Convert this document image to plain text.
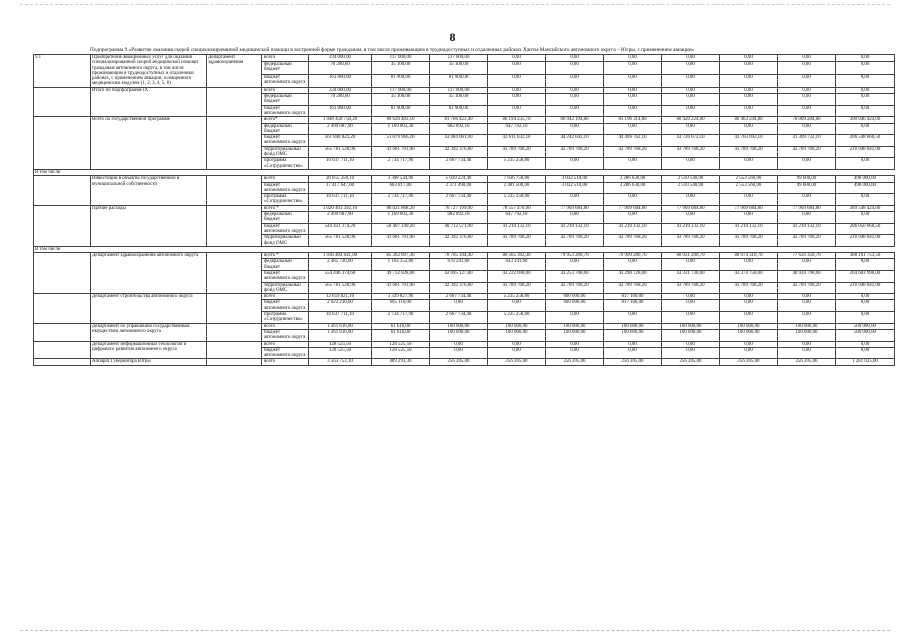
8
Подпрограмма 9 «Развитие оказания скорой специализированной медицинской помощи в экстренной форме гражданам, в том числе проживающим в труднодоступных и отдаленных районах Ханты-Мансийского автономного округа – Югры, с применением авиации»
9.1	Приобретение авиационных услуг для оказания специализированной скорой медицинской помощи гражданам автономного округа, в том числе проживающим в труднодоступных и отдаленных районах, с применением авиации, оснащенного медицинским модулем (1, 2, 3, 4, 5, 6)	Департамент здравоохранения	всего	234 000,00	117 000,00	117 000,00	0,00	0,00	0,00	0,00	0,00	0,00	0,00
			федеральный бюджет	70 200,00	35 100,00	35 100,00	0,00	0,00	0,00	0,00	0,00	0,00	0,00
			бюджет автономного округа	163 800,00	81 900,00	81 900,00	0,00	0,00	0,00	0,00	0,00	0,00	0,00
	Итого по подпрограмме IX		всего	234 000,00	117 000,00	117 000,00	0,00	0,00	0,00	0,00	0,00	0,00	0,00
			федеральный бюджет	70 200,00	35 100,00	35 100,00	0,00	0,00	0,00	0,00	0,00	0,00	0,00
			бюджет автономного округа	163 800,00	81 900,00	81 900,00	0,00	0,00	0,00	0,00	0,00	0,00	0,00
	Всего по государственной программе		всего*	1 048 458 750,20	89 620 403,10	81 766 423,40	86 194 235,70	80 942 194,80	81 196 314,80	80 420 224,80	80 463 244,80	78 009 284,80	390 046 424,00
			федеральный бюджет	2 499 687,90	1 169 003,30	682 892,10	647 792,10	0,00	0,00	0,00	0,00	0,00	0,00
			бюджет автономного округа	561 848 821,20	51 079 966,20	43 084 061,90	43 611 632,10	44 242 642,10	44 496 762,10	43 720 672,10	43 763 692,10	41 309 732,10	206 548 660,50
			территориальный фонд ОМС	565 761 528,90	41 681 701,90	42 392 376,80	43 789 768,20	43 789 768,20	43 789 768,20	43 789 768,20	43 789 768,20	43 789 768,20	218 948 841,00
			программа «Сотрудничество»	10 637 711,10	2 734 717,90	2 667 734,40	5 235 258,80	0,00	0,00	0,00	0,00	0,00	0,00
В том числе:													
	Инвестиции в объекты государственной и муниципальной собственности		всего	28 055 358,10	3 398 534,90	5 039 224,40	7 636 758,80	3 032 510,00	3 286 630,00	2 510 540,00	2 553 560,00	99 600,00	498 000,00
			бюджет автономного округа	17 417 647,00	663 817,00	2 371 490,00	2 401 500,00	3 032 510,00	3 286 630,00	2 510 540,00	2 553 560,00	99 600,00	498 000,00
			программа «Сотрудничество»	10 637 711,10	2 734 717,90	2 667 734,40	5 235 258,80	0,00	0,00	0,00	0,00	0,00	0,00
	Прочие расходы		всего *	1 020 403 392,10	86 021 868,20	76 727 199,00	78 557 476,90	77 909 684,80	77 909 684,80	77 909 684,80	77 909 684,80	77 909 684,80	389 548 424,00
			федеральный бюджет	2 499 687,90	1 169 003,30	682 892,10	647 792,10	0,00	0,00	0,00	0,00	0,00	0,00
			бюджет автономного округа	544 431 174,20	50 407 149,20	40 712 571,90	41 210 132,10	41 210 132,10	41 210 132,10	41 210 132,10	41 210 132,10	41 210 132,10	206 050 660,50
			территориальный фонд ОМС	565 761 528,90	41 681 701,90	42 392 376,80	43 789 768,20	43 789 768,20	43 789 768,20	43 789 768,20	43 789 768,20	43 789 768,20	218 948 841,00
В том числе:													
	Департамент здравоохранения автономного округа		всего *	1 030 404 641,00	85 362 897,30	78 705 104,40	80 565 392,30	79 953 260,70	79 990 280,70	80 031 290,70	80 074 310,70	77 620 350,70	388 101 753,50
			федеральный бюджет	2 485 736,00	1 164 352,80	678 241,60	643 141,60	0,00	0,00	0,00	0,00	0,00	0,00
			бюджет автономного округа	554 446 374,60	49 732 828,80	42 695 127,80	43 222 698,00	43 253 708,00	43 290 728,00	43 331 738,00	43 374 758,00	40 920 798,00	204 603 990,00
			территориальный фонд ОМС	565 761 528,90	41 681 701,90	42 392 376,80	43 789 768,20	43 789 768,20	43 789 768,20	43 789 768,20	43 789 768,20	43 789 768,20	218 948 841,00
	Департамент строительства автономного округа		всего	12 659 821,10	3 339 827,90	2 667 734,40	5 235 258,80	600 000,00	817 100,00	0,00	0,00	0,00	0,00
			бюджет автономного округа	2 022 210,00	605 110,00	0,00	0,00	600 000,00	817 100,00	0,00	0,00	0,00	0,00
			программа «Сотрудничество»	10 637 711,10	2 734 717,90	2 667 734,40	5 235 258,80	0,00	0,00	0,00	0,00	0,00	0,00
	Департамент по управлению государственным имуществом автономного округа		всего	1 261 616,00	61 616,00	100 000,00	100 000,00	100 000,00	100 000,00	100 000,00	100 000,00	100 000,00	500 000,00
			бюджет автономного округа	1 261 616,00	61 616,00	100 000,00	100 000,00	100 000,00	100 000,00	100 000,00	100 000,00	100 000,00	500 000,00
	Департамент информационных технологий и цифрового развития автономного округа		всего	128 525,50	128 525,50	0,00	0,00	0,00	0,00	0,00	0,00	0,00	0,00
			бюджет автономного округа	128 525,50	128 525,50	0,00	0,00	0,00	0,00	0,00	0,00	0,00	0,00
	Аппарат Губернатора Югры		всего	3 563 753,10	489 293,30	256 205,00	256 205,00	256 205,00	256 205,00	256 205,00	256 205,00	256 205,00	1 281 025,00
